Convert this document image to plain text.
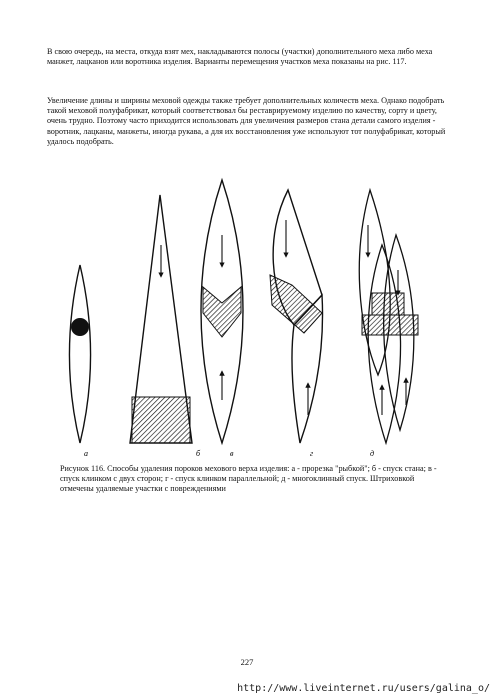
В свою очередь, на места, откуда взят мех, накладываются полосы (участки) дополнительного меха либо меха манжет, лацканов или воротника изделия. Варианты перемещения участков меха показаны на рис. 117.

Увеличение длины и ширины меховой одежды также требует дополнительных количеств меха. Однако подобрать такой меховой полуфабрикат, который соответствовал бы реставрируемому изделию по качеству, сорту и цвету, очень трудно. Поэтому часто приходится использовать для увеличения размеров стана детали самого изделия - воротник, лацканы, манжеты, иногда рукава, а для их восстановления уже используют тот полуфабрикат, который удалось подобрать.

а	б	в	г	д

Рисунок 116. Способы удаления пороков мехового верха изделия: а - прорезка "рыбкой"; б - спуск стана; в - спуск клинком с двух сторон; г - спуск клинком параллельной; д - многоклинный спуск. Штриховкой отмечены удаляемые участки с повреждениями

227
http://www.liveinternet.ru/users/galina_o/
